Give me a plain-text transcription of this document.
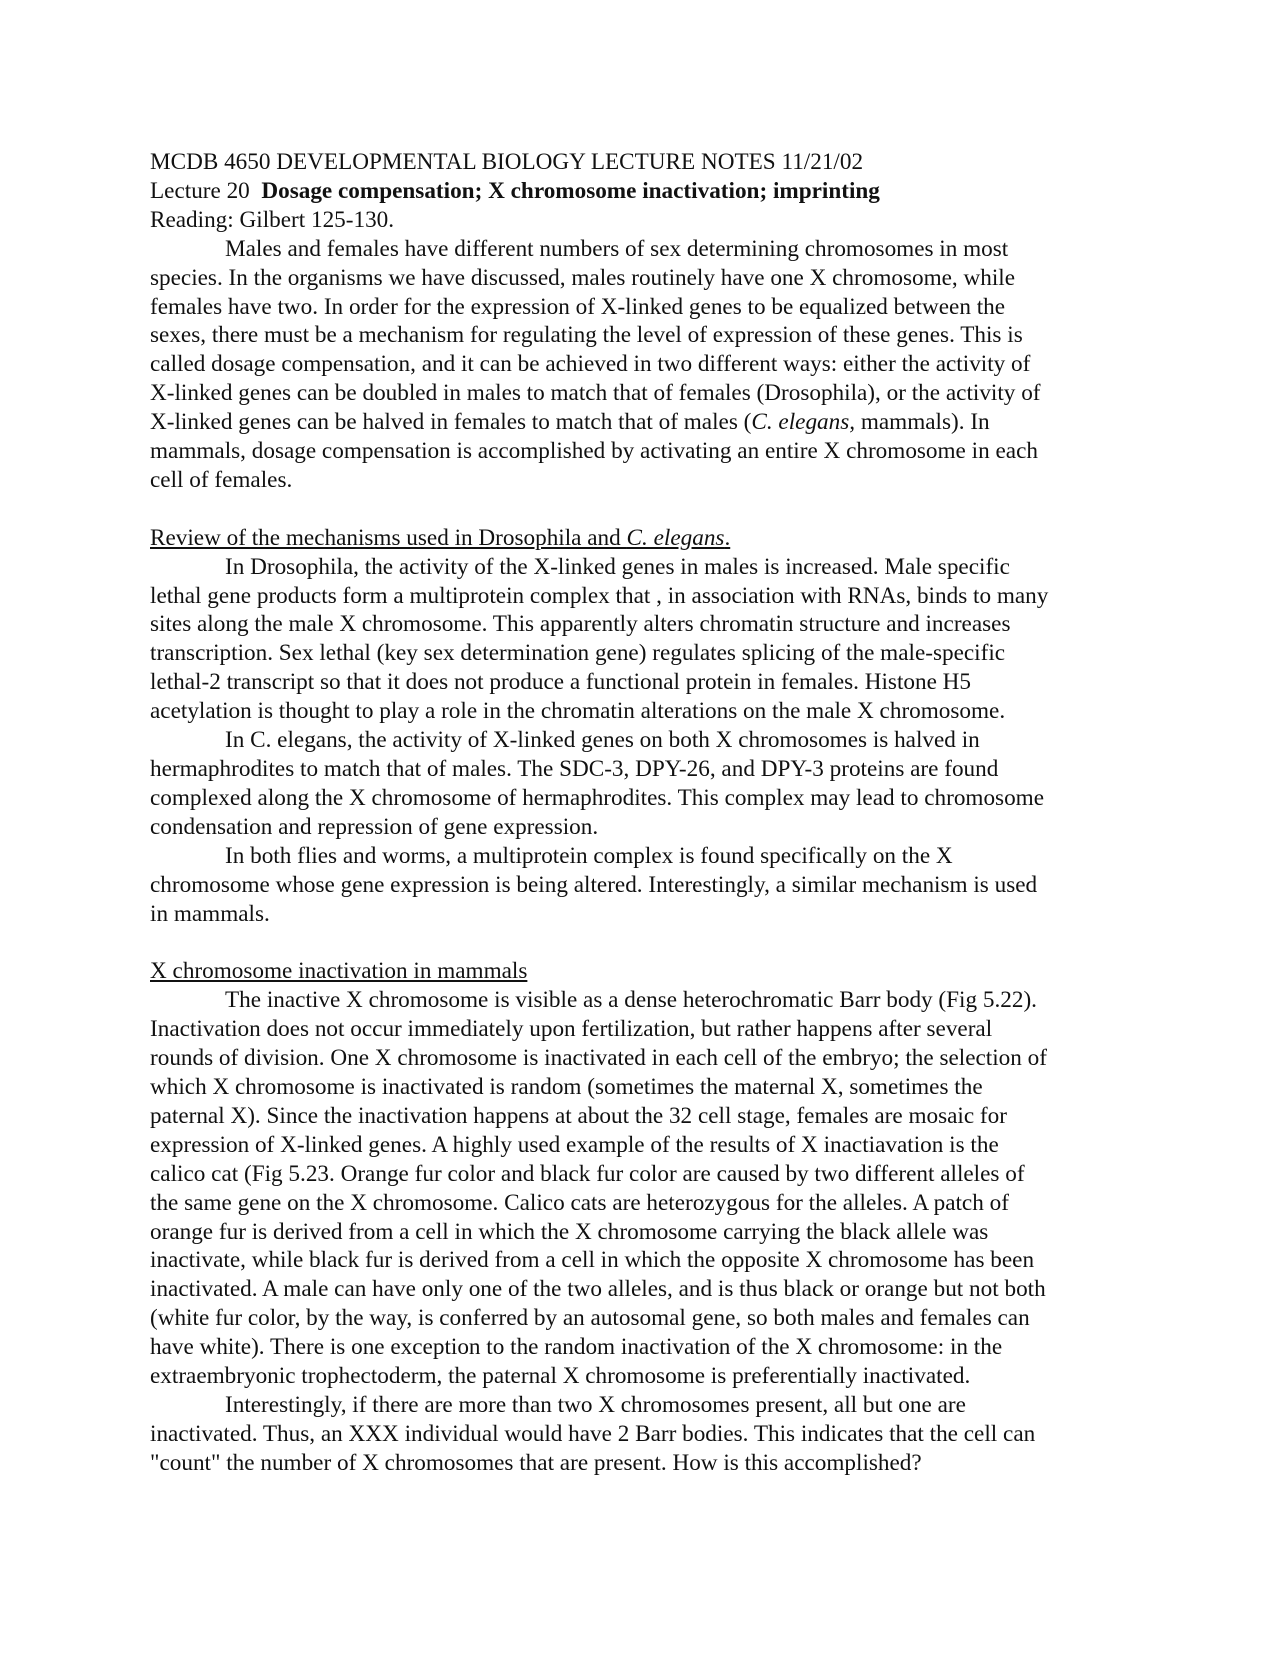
MCDB 4650 DEVELOPMENTAL BIOLOGY LECTURE NOTES 11/21/02
Lecture 20 Dosage compensation; X chromosome inactivation; imprinting
Reading: Gilbert 125-130.
Males and females have different numbers of sex determining chromosomes in most
species. In the organisms we have discussed, males routinely have one X chromosome, while
females have two. In order for the expression of X-linked genes to be equalized between the
sexes, there must be a mechanism for regulating the level of expression of these genes. This is
called dosage compensation, and it can be achieved in two different ways: either the activity of
X-linked genes can be doubled in males to match that of females (Drosophila), or the activity of
X-linked genes can be halved in females to match that of males (C. elegans, mammals). In
mammals, dosage compensation is accomplished by activating an entire X chromosome in each
cell of females.
Review of the mechanisms used in Drosophila and C. elegans.
In Drosophila, the activity of the X-linked genes in males is increased. Male specific
lethal gene products form a multiprotein complex that , in association with RNAs, binds to many
sites along the male X chromosome. This apparently alters chromatin structure and increases
transcription. Sex lethal (key sex determination gene) regulates splicing of the male-specific
lethal-2 transcript so that it does not produce a functional protein in females. Histone H5
acetylation is thought to play a role in the chromatin alterations on the male X chromosome.
In C. elegans, the activity of X-linked genes on both X chromosomes is halved in
hermaphrodites to match that of males. The SDC-3, DPY-26, and DPY-3 proteins are found
complexed along the X chromosome of hermaphrodites. This complex may lead to chromosome
condensation and repression of gene expression.
In both flies and worms, a multiprotein complex is found specifically on the X
chromosome whose gene expression is being altered. Interestingly, a similar mechanism is used
in mammals.
X chromosome inactivation in mammals
The inactive X chromosome is visible as a dense heterochromatic Barr body (Fig 5.22).
Inactivation does not occur immediately upon fertilization, but rather happens after several
rounds of division. One X chromosome is inactivated in each cell of the embryo; the selection of
which X chromosome is inactivated is random (sometimes the maternal X, sometimes the
paternal X). Since the inactivation happens at about the 32 cell stage, females are mosaic for
expression of X-linked genes. A highly used example of the results of X inactiavation is the
calico cat (Fig 5.23. Orange fur color and black fur color are caused by two different alleles of
the same gene on the X chromosome. Calico cats are heterozygous for the alleles. A patch of
orange fur is derived from a cell in which the X chromosome carrying the black allele was
inactivate, while black fur is derived from a cell in which the opposite X chromosome has been
inactivated. A male can have only one of the two alleles, and is thus black or orange but not both
(white fur color, by the way, is conferred by an autosomal gene, so both males and females can
have white). There is one exception to the random inactivation of the X chromosome: in the
extraembryonic trophectoderm, the paternal X chromosome is preferentially inactivated.
Interestingly, if there are more than two X chromosomes present, all but one are
inactivated. Thus, an XXX individual would have 2 Barr bodies. This indicates that the cell can
"count" the number of X chromosomes that are present. How is this accomplished?
